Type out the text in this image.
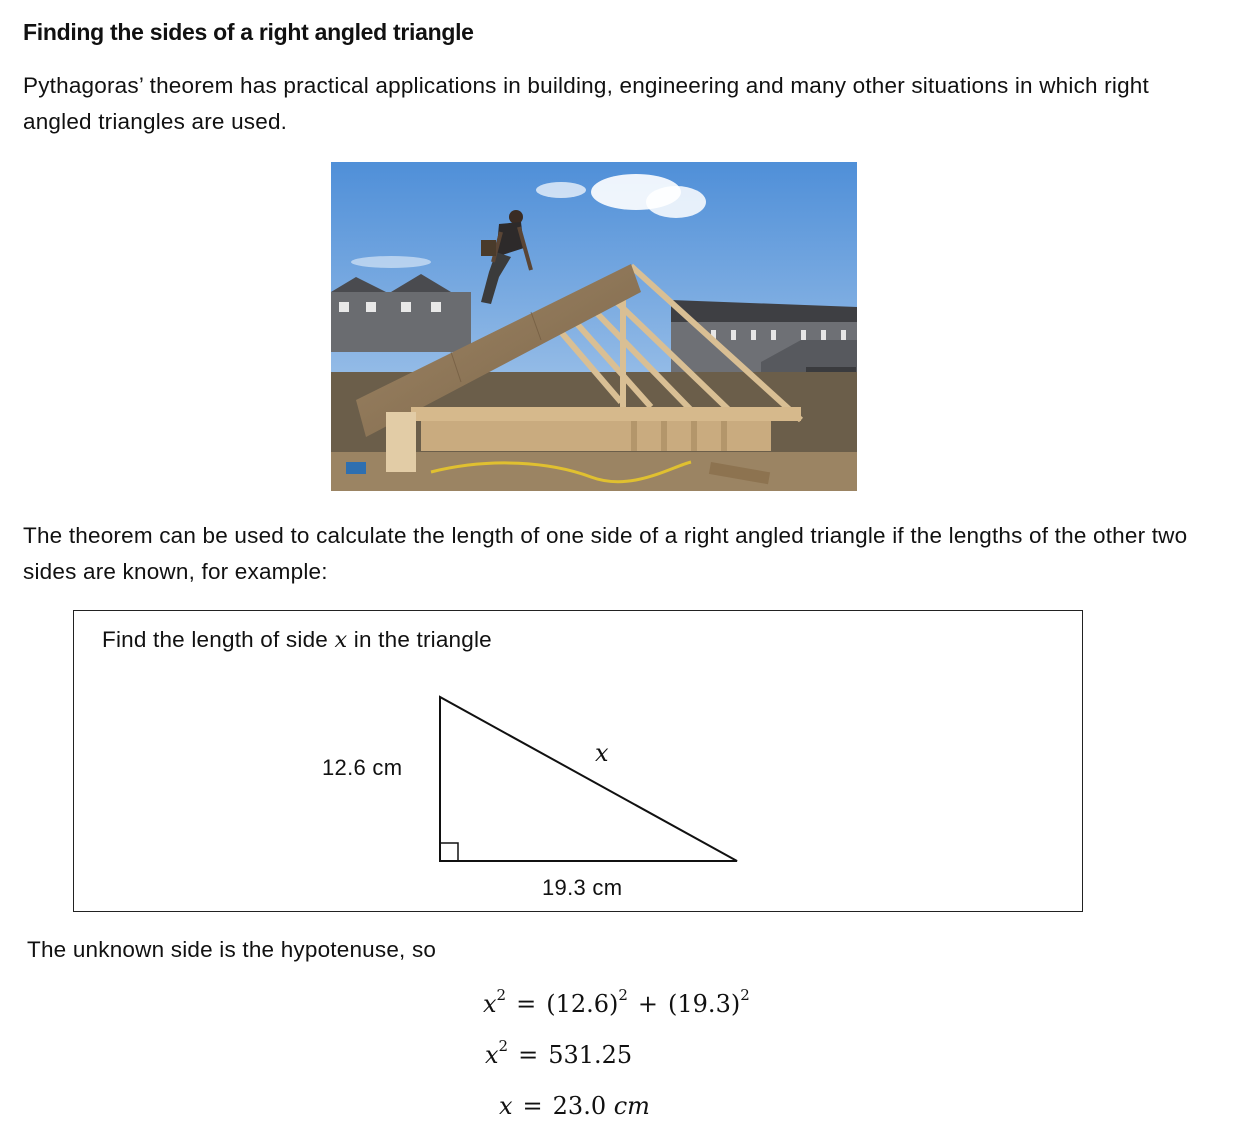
Finding the sides of a right angled triangle
Pythagoras’ theorem has practical applications in building, engineering and many other situations in which right angled triangles are used.
The theorem can be used to calculate the length of one side of a right angled triangle if the lengths of the other two sides are known, for example:
Find the length of side x in the triangle
12.6 cm
19.3 cm
x
The unknown side is the hypotenuse, so
$x^2 = (12.6)^2 + (19.3)^2$
$x^2 = 531.25$
x = 23.0 cm
